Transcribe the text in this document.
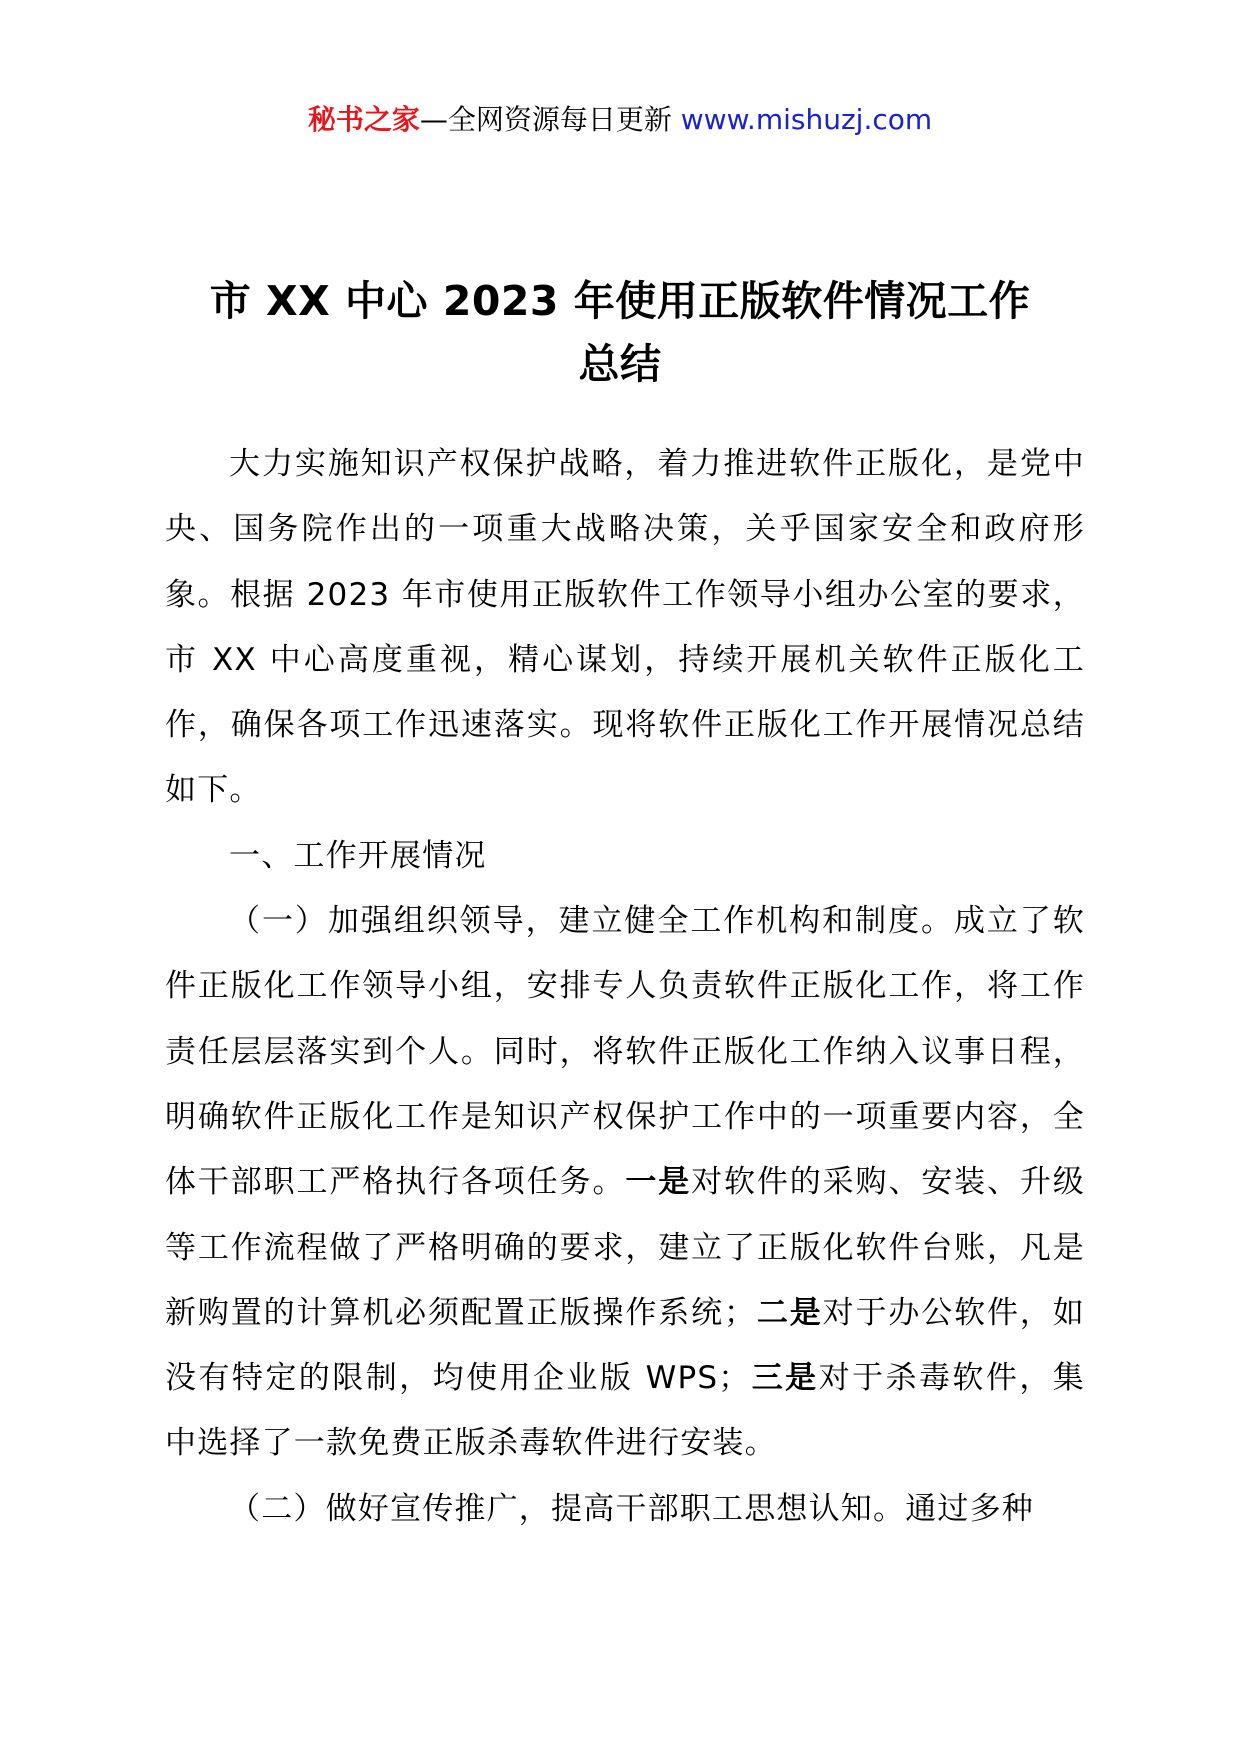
秘书之家—全网资源每日更新 www.mishuzj.com
市 XX 中心 2023 年使用正版软件情况工作
总结

大力实施知识产权保护战略，着力推进软件正版化，是党中央、国务院作出的一项重大战略决策，关乎国家安全和政府形象。根据 2023 年市使用正版软件工作领导小组办公室的要求，市 XX 中心高度重视，精心谋划，持续开展机关软件正版化工作，确保各项工作迅速落实。现将软件正版化工作开展情况总结如下。

一、工作开展情况

（一）加强组织领导，建立健全工作机构和制度。成立了软件正版化工作领导小组，安排专人负责软件正版化工作，将工作责任层层落实到个人。同时，将软件正版化工作纳入议事日程，明确软件正版化工作是知识产权保护工作中的一项重要内容，全体干部职工严格执行各项任务。一是对软件的采购、安装、升级等工作流程做了严格明确的要求，建立了正版化软件台账，凡是新购置的计算机必须配置正版操作系统；二是对于办公软件，如没有特定的限制，均使用企业版 WPS；三是对于杀毒软件，集中选择了一款免费正版杀毒软件进行安装。

（二）做好宣传推广，提高干部职工思想认知。通过多种
